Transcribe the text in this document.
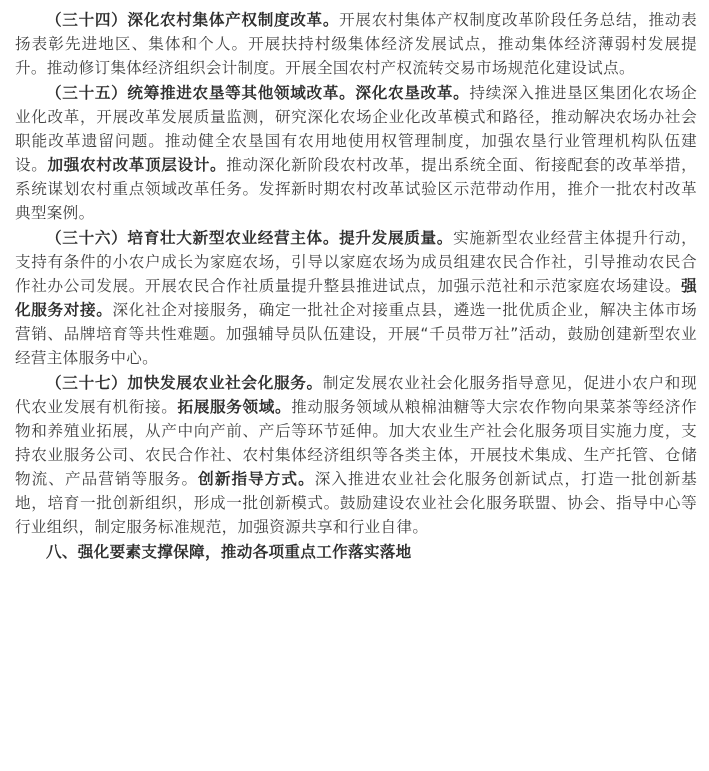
（三十四）深化农村集体产权制度改革。开展农村集体产权制度改革阶段任务总结，推动表扬表彰先进地区、集体和个人。开展扶持村级集体经济发展试点，推动集体经济薄弱村发展提升。推动修订集体经济组织会计制度。开展全国农村产权流转交易市场规范化建设试点。

（三十五）统筹推进农垦等其他领域改革。深化农垦改革。持续深入推进垦区集团化农场企业化改革，开展改革发展质量监测，研究深化农场企业化改革模式和路径，推动解决农场办社会职能改革遗留问题。推动健全农垦国有农用地使用权管理制度，加强农垦行业管理机构队伍建设。加强农村改革顶层设计。推动深化新阶段农村改革，提出系统全面、衔接配套的改革举措，系统谋划农村重点领域改革任务。发挥新时期农村改革试验区示范带动作用，推介一批农村改革典型案例。

（三十六）培育壮大新型农业经营主体。提升发展质量。实施新型农业经营主体提升行动，支持有条件的小农户成长为家庭农场，引导以家庭农场为成员组建农民合作社，引导推动农民合作社办公司发展。开展农民合作社质量提升整县推进试点，加强示范社和示范家庭农场建设。强化服务对接。深化社企对接服务，确定一批社企对接重点县，遴选一批优质企业，解决主体市场营销、品牌培育等共性难题。加强辅导员队伍建设，开展“千员带万社”活动，鼓励创建新型农业经营主体服务中心。

（三十七）加快发展农业社会化服务。制定发展农业社会化服务指导意见，促进小农户和现代农业发展有机衔接。拓展服务领域。推动服务领域从粮棉油糖等大宗农作物向果菜茶等经济作物和养殖业拓展，从产中向产前、产后等环节延伸。加大农业生产社会化服务项目实施力度，支持农业服务公司、农民合作社、农村集体经济组织等各类主体，开展技术集成、生产托管、仓储物流、产品营销等服务。创新指导方式。深入推进农业社会化服务创新试点，打造一批创新基地，培育一批创新组织，形成一批创新模式。鼓励建设农业社会化服务联盟、协会、指导中心等行业组织，制定服务标准规范，加强资源共享和行业自律。

八、强化要素支撑保障，推动各项重点工作落实落地
